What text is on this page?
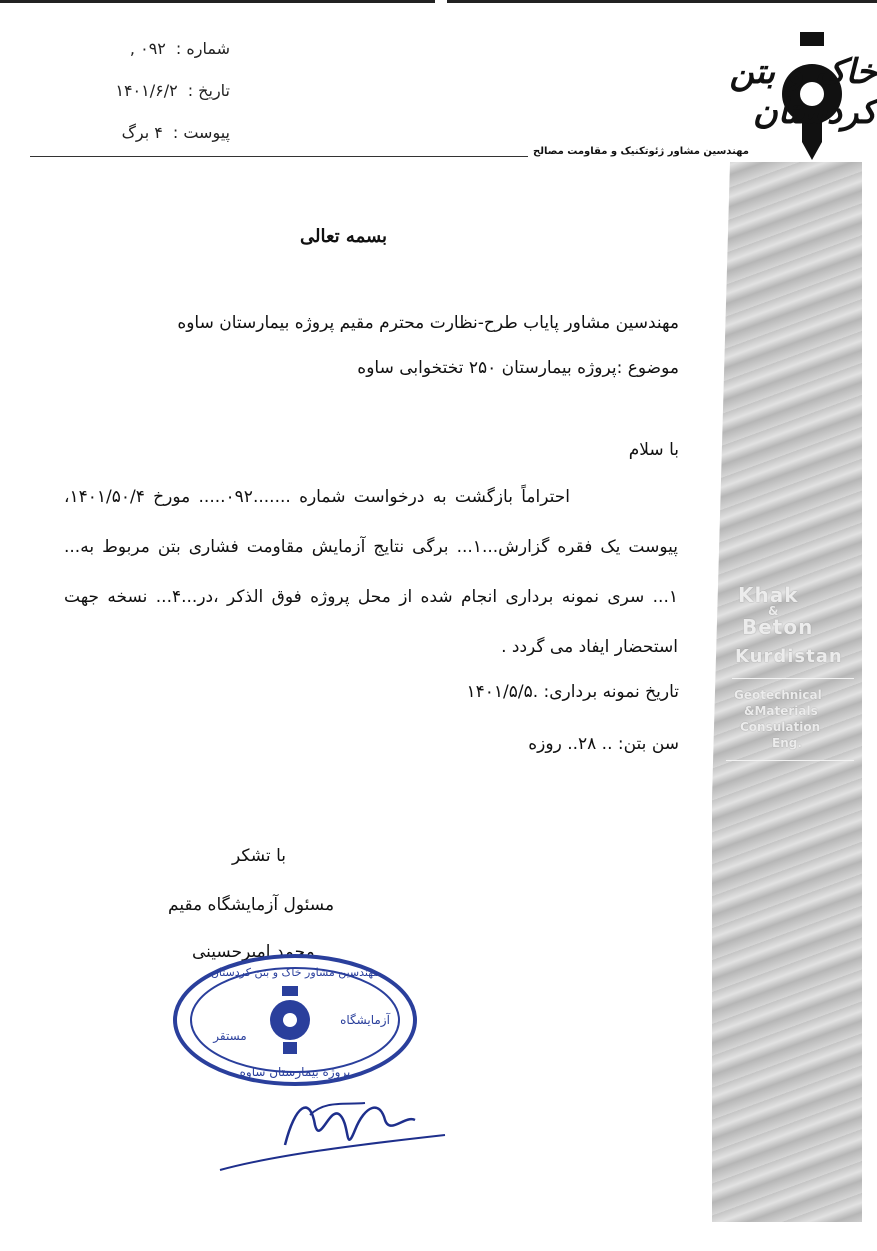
شماره :
۰۹۲ ,
تاریخ :
۱۴۰۱/۶/۲
پیوست :
۴ برگ
خاک و بتن کردستان
مهندسین مشاور ژئوتکنیک و مقاومت مصالح
Khak
&
Beton
Kurdistan
Geotechnical
&Materials
Consulation
Eng.
بسمه تعالی
مهندسین مشاور پایاب طرح-نظارت محترم مقیم پروژه بیمارستان ساوه
موضوع :پروژه بیمارستان ۲۵۰ تختخوابی ساوه
با سلام
احتراماً بازگشت به درخواست شماره .......۰۹۲..... مورخ ۱۴۰۱/۵۰/۴، پیوست یک فقره گزارش...۱... برگی نتایج آزمایش مقاومت فشاری بتن مربوط به... ۱... سری نمونه برداری انجام شده از محل پروژه فوق الذکر ،در...۴... نسخه جهت استحضار ایفاد می گردد .
تاریخ نمونه برداری: .۱۴۰۱/۵/۵
سن بتن: .. ۲۸.. روزه
با تشکر
مسئول آزمایشگاه مقیم
محمد امیرحسینی
مهندسین مشاور خاک و بتن کردستان
آزمایشگاه
مستقر
پروژه بیمارستان ساوه
